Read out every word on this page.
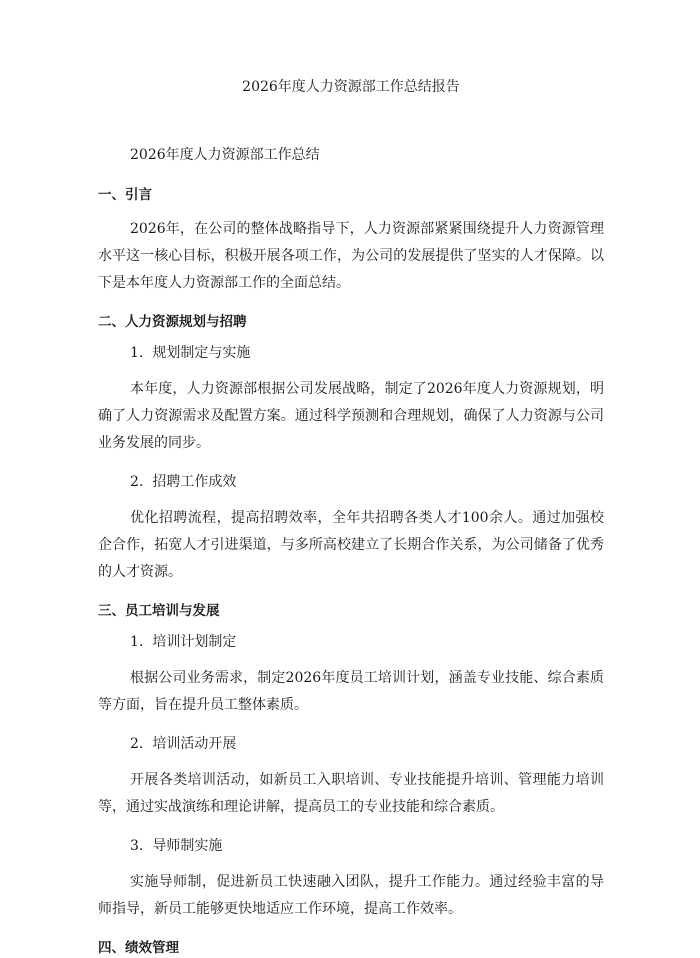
2026年度人力资源部工作总结报告
2026年度人力资源部工作总结
一、引言
2026年，在公司的整体战略指导下，人力资源部紧紧围绕提升人力资源管理水平这一核心目标，积极开展各项工作，为公司的发展提供了坚实的人才保障。以下是本年度人力资源部工作的全面总结。
二、人力资源规划与招聘
1. 规划制定与实施
本年度，人力资源部根据公司发展战略，制定了2026年度人力资源规划，明确了人力资源需求及配置方案。通过科学预测和合理规划，确保了人力资源与公司业务发展的同步。
2. 招聘工作成效
优化招聘流程，提高招聘效率，全年共招聘各类人才100余人。通过加强校企合作，拓宽人才引进渠道，与多所高校建立了长期合作关系，为公司储备了优秀的人才资源。
三、员工培训与发展
1. 培训计划制定
根据公司业务需求，制定2026年度员工培训计划，涵盖专业技能、综合素质等方面，旨在提升员工整体素质。
2. 培训活动开展
开展各类培训活动，如新员工入职培训、专业技能提升培训、管理能力培训等，通过实战演练和理论讲解，提高员工的专业技能和综合素质。
3. 导师制实施
实施导师制，促进新员工快速融入团队，提升工作能力。通过经验丰富的导师指导，新员工能够更快地适应工作环境，提高工作效率。
四、绩效管理
